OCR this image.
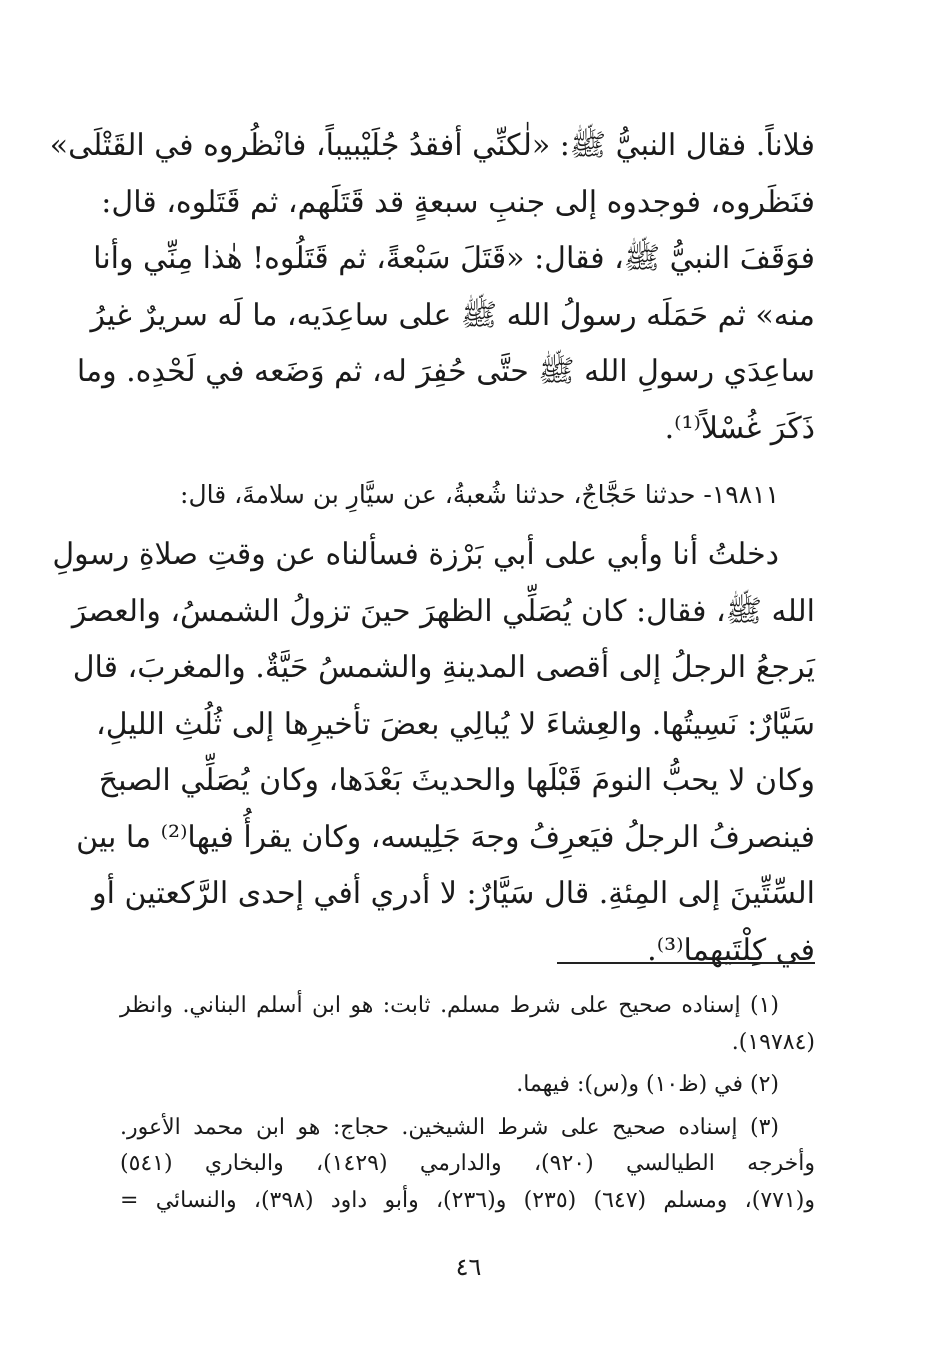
فلاناً. فقال النبيُّ ﷺ: «لٰكنِّي أفقدُ جُلَيْبيباً، فانْظُروه في القَتْلَى»
فنَظَروه، فوجدوه إلى جنبِ سبعةٍ قد قَتَلَهم، ثم قَتَلوه، قال:
فوَقَفَ النبيُّ ﷺ، فقال: «قَتَلَ سَبْعةً، ثم قَتَلُوه! هٰذا مِنِّي وأنا
منه» ثم حَمَلَه رسولُ الله ﷺ على ساعِدَيه، ما لَه سريرٌ غيرُ
ساعِدَي رسولِ الله ﷺ حتَّى حُفِرَ له، ثم وَضَعه في لَحْدِه. وما
ذَكَرَ غُسْلاً⁽¹⁾.
١٩٨١١- حدثنا حَجَّاجٌ، حدثنا شُعبةُ، عن سيَّارِ بن سلامةَ، قال:
دخلتُ أنا وأبي على أبي بَرْزة فسألناه عن وقتِ صلاةِ رسولِ
الله ﷺ، فقال: كان يُصَلِّي الظهرَ حينَ تزولُ الشمسُ، والعصرَ
يَرجعُ الرجلُ إلى أقصى المدينةِ والشمسُ حَيَّةٌ. والمغربَ، قال
سَيَّارٌ: نَسِيتُها. والعِشاءَ لا يُبالِي بعضَ تأخيرِها إلى ثُلُثِ الليلِ،
وكان لا يحبُّ النومَ قَبْلَها والحديثَ بَعْدَها، وكان يُصَلِّي الصبحَ
فينصرفُ الرجلُ فيَعرِفُ وجهَ جَلِيسه، وكان يقرأُ فيها⁽²⁾ ما بين
السِّتِّينَ إلى المِئةِ. قال سَيَّارٌ: لا أدري أفي إحدى الرَّكعتين أو
في كِلْتَيهما⁽³⁾.
(١) إسناده صحيح على شرط مسلم. ثابت: هو ابن أسلم البناني. وانظر
(١٩٧٨٤).
(٢) في (ظ١٠) و(س): فيهما.
(٣) إسناده صحيح على شرط الشيخين. حجاج: هو ابن محمد الأعور.
وأخرجه الطيالسي (٩٢٠)، والدارمي (١٤٢٩)، والبخاري (٥٤١)
و(٧٧١)، ومسلم (٦٤٧) (٢٣٥) و(٢٣٦)، وأبو داود (٣٩٨)، والنسائي =
٤٦
